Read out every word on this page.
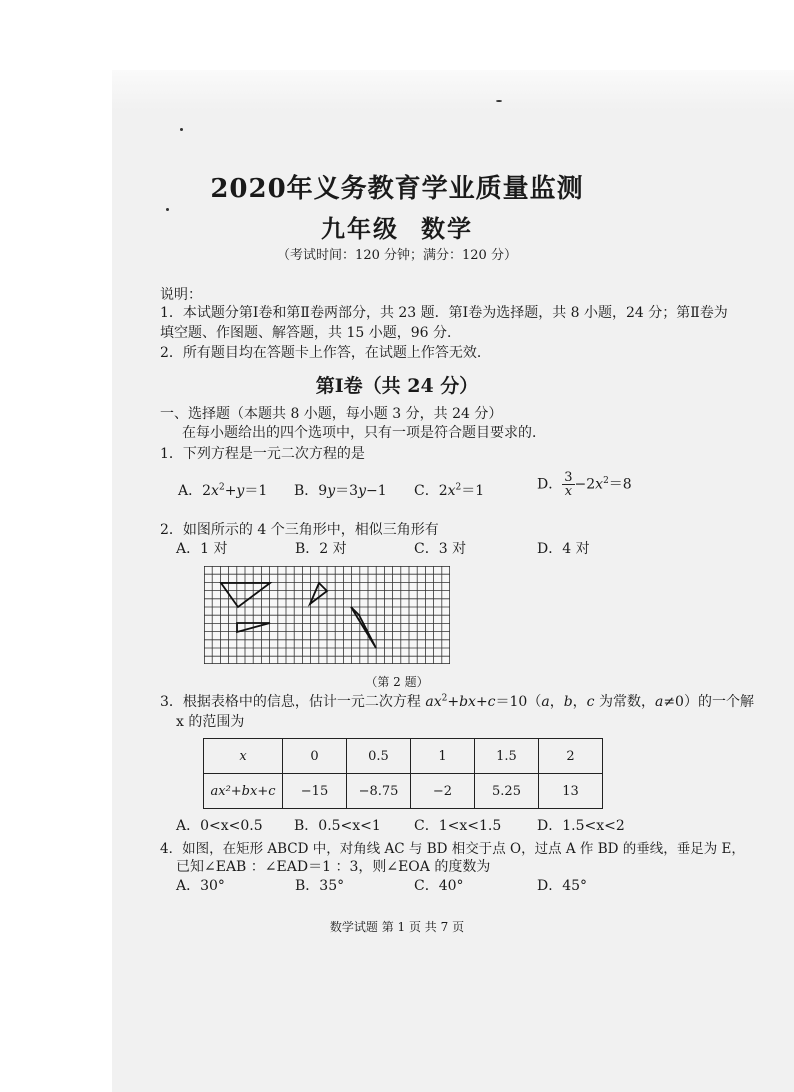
2020年义务教育学业质量监测
九年级 数学
（考试时间：120 分钟；满分：120 分）
说明：
1．本试题分第Ⅰ卷和第Ⅱ卷两部分，共 23 题．第Ⅰ卷为选择题，共 8 小题，24 分；第Ⅱ卷为
填空题、作图题、解答题，共 15 小题，96 分．
2．所有题目均在答题卡上作答，在试题上作答无效．
第Ⅰ卷（共 24 分）
一、选择题（本题共 8 小题，每小题 3 分，共 24 分）
在每小题给出的四个选项中，只有一项是符合题目要求的．
1．下列方程是一元二次方程的是
A．$2x^2+y=1$ B．9y＝3y−1 C．$2x^2=1$	D． $\frac{3}{x} -2x^2=8$
2．如图所示的 4 个三角形中，相似三角形有
A．1 对	B．2 对	C．3 对	D．4 对
（第 2 题）
3．根据表格中的信息，估计一元二次方程 $ax^2+bx+c=10(a$，b，c 为常数，a≠0）的一个解
x 的范围为
x	0	0.5	1	1.5	2
ax²+bx+c	−15	−8.75	−2	5.25	13
A．0<x<0.5 B．0.5<x<1 C．1<x<1.5	D．1.5<x<2
4．如图，在矩形 ABCD 中，对角线 AC 与 BD 相交于点 O，过点 A 作 BD 的垂线，垂足为 E，
已知∠EAB ：∠EAD＝1 ：3，则∠EOA 的度数为
A．30°	B．35°	C．40°	D．45°
数学试题 第 1 页 共 7 页
